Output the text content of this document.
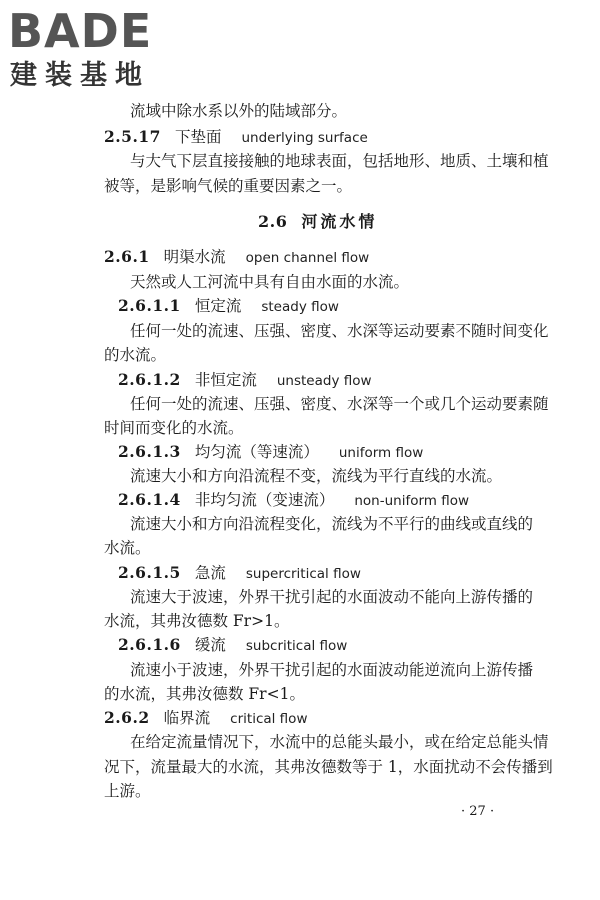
BADE
建装基地
流域中除水系以外的陆域部分。
2.5.17 下垫面 underlying surface
与大气下层直接接触的地球表面，包括地形、地质、土壤和植
被等，是影响气候的重要因素之一。
2.6 河流水情
2.6.1 明渠水流 open channel flow
天然或人工河流中具有自由水面的水流。
2.6.1.1 恒定流 steady flow
任何一处的流速、压强、密度、水深等运动要素不随时间变化
的水流。
2.6.1.2 非恒定流 unsteady flow
任何一处的流速、压强、密度、水深等一个或几个运动要素随
时间而变化的水流。
2.6.1.3 均匀流（等速流） uniform flow
流速大小和方向沿流程不变，流线为平行直线的水流。
2.6.1.4 非均匀流（变速流） non-uniform flow
流速大小和方向沿流程变化，流线为不平行的曲线或直线的
水流。
2.6.1.5 急流 supercritical flow
流速大于波速，外界干扰引起的水面波动不能向上游传播的
水流，其弗汝德数 Fr>1。
2.6.1.6 缓流 subcritical flow
流速小于波速，外界干扰引起的水面波动能逆流向上游传播
的水流，其弗汝德数 Fr<1。
2.6.2 临界流 critical flow
在给定流量情况下，水流中的总能头最小，或在给定总能头情
况下，流量最大的水流，其弗汝德数等于 1，水面扰动不会传播到
上游。
· 27 ·
